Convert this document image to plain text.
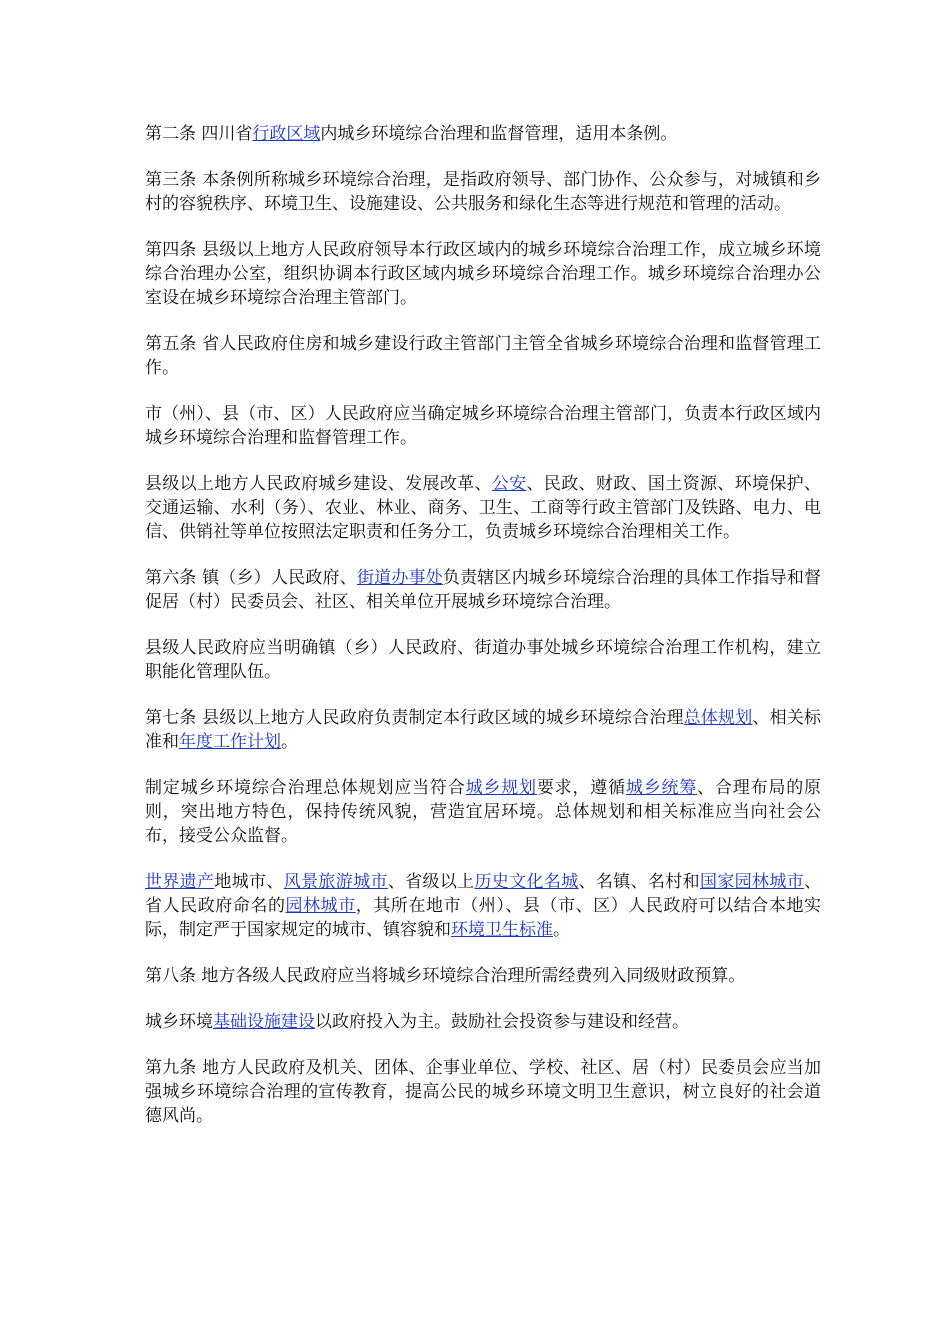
第二条 四川省行政区域内城乡环境综合治理和监督管理，适用本条例。

第三条 本条例所称城乡环境综合治理，是指政府领导、部门协作、公众参与，对城镇和乡村的容貌秩序、环境卫生、设施建设、公共服务和绿化生态等进行规范和管理的活动。

第四条 县级以上地方人民政府领导本行政区域内的城乡环境综合治理工作，成立城乡环境综合治理办公室，组织协调本行政区域内城乡环境综合治理工作。城乡环境综合治理办公室设在城乡环境综合治理主管部门。

第五条 省人民政府住房和城乡建设行政主管部门主管全省城乡环境综合治理和监督管理工作。

市（州）、县（市、区）人民政府应当确定城乡环境综合治理主管部门，负责本行政区域内城乡环境综合治理和监督管理工作。

县级以上地方人民政府城乡建设、发展改革、公安、民政、财政、国土资源、环境保护、交通运输、水利（务）、农业、林业、商务、卫生、工商等行政主管部门及铁路、电力、电信、供销社等单位按照法定职责和任务分工，负责城乡环境综合治理相关工作。

第六条 镇（乡）人民政府、街道办事处负责辖区内城乡环境综合治理的具体工作指导和督促居（村）民委员会、社区、相关单位开展城乡环境综合治理。

县级人民政府应当明确镇（乡）人民政府、街道办事处城乡环境综合治理工作机构，建立职能化管理队伍。

第七条 县级以上地方人民政府负责制定本行政区域的城乡环境综合治理总体规划、相关标准和年度工作计划。

制定城乡环境综合治理总体规划应当符合城乡规划要求，遵循城乡统筹、合理布局的原则，突出地方特色，保持传统风貌，营造宜居环境。总体规划和相关标准应当向社会公布，接受公众监督。

世界遗产地城市、风景旅游城市、省级以上历史文化名城、名镇、名村和国家园林城市、省人民政府命名的园林城市，其所在地市（州）、县（市、区）人民政府可以结合本地实际，制定严于国家规定的城市、镇容貌和环境卫生标准。

第八条 地方各级人民政府应当将城乡环境综合治理所需经费列入同级财政预算。

城乡环境基础设施建设以政府投入为主。鼓励社会投资参与建设和经营。

第九条 地方人民政府及机关、团体、企事业单位、学校、社区、居（村）民委员会应当加强城乡环境综合治理的宣传教育，提高公民的城乡环境文明卫生意识，树立良好的社会道德风尚。
